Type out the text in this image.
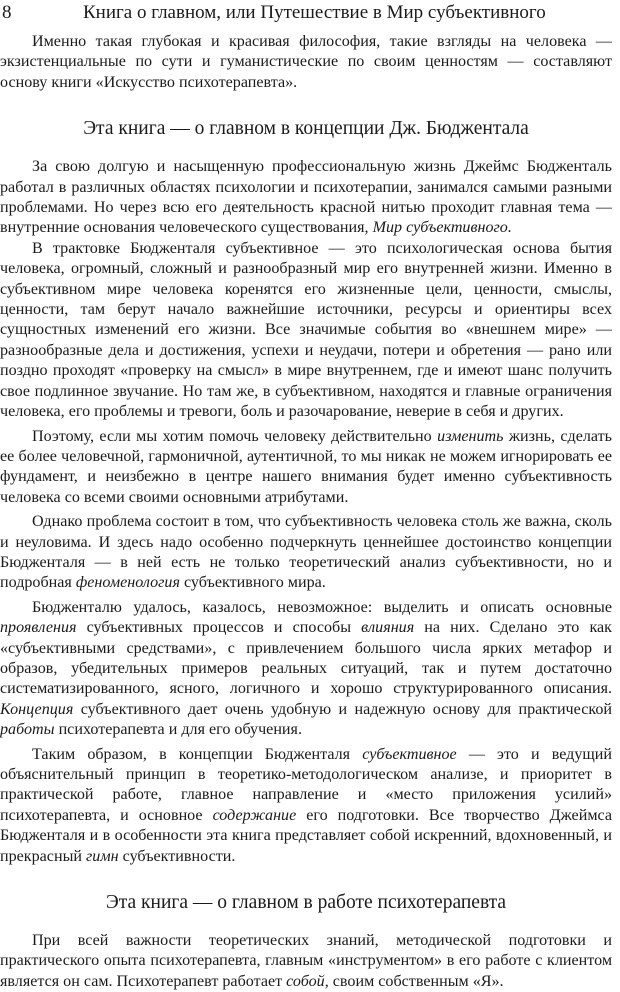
8	Книга о главном, или Путешествие в Мир субъективного

Именно такая глубокая и красивая философия, такие взгляды на человека — экзистенциальные по сути и гуманистические по своим ценностям — составляют основу книги «Искусство психотерапевта».

Эта книга — о главном в концепции Дж. Бюдженталa

За свою долгую и насыщенную профессиональную жизнь Джеймс Бюдженталь работал в различных областях психологии и психотерапии, занимался самыми разными проблемами. Но через всю его деятельность красной нитью проходит главная тема — внутренние основания человеческого существования, Мир субъективного.

В трактовке Бюдженталя субъективное — это психологическая основа бытия человека, огромный, сложный и разнообразный мир его внутренней жизни. Именно в субъективном мире человека коренятся его жизненные цели, ценности, смыслы, ценности, там берут начало важнейшие источники, ресурсы и ориентиры всех сущностных изменений его жизни. Все значимые события во «внешнем мире» — разнообразные дела и достижения, успехи и неудачи, потери и обретения — рано или поздно проходят «проверку на смысл» в мире внутреннем, где и имеют шанс получить свое подлинное звучание. Но там же, в субъективном, находятся и главные ограничения человека, его проблемы и тревоги, боль и разочарование, неверие в себя и других.

Поэтому, если мы хотим помочь человеку действительно изменить жизнь, сделать ее более человечной, гармоничной, аутентичной, то мы никак не можем игнорировать ее фундамент, и неизбежно в центре нашего внимания будет именно субъективность человека со всеми своими основными атрибутами.

Однако проблема состоит в том, что субъективность человека столь же важна, сколь и неуловима. И здесь надо особенно подчеркнуть ценнейшее достоинство концепции Бюдженталя — в ней есть не только теоретический анализ субъективности, но и подробная феноменология субъективного мира.

Бюдженталю удалось, казалось, невозможное: выделить и описать основные проявления субъективных процессов и способы влияния на них. Сделано это как «субъективными средствами», с привлечением большого числа ярких метафор и образов, убедительных примеров реальных ситуаций, так и путем достаточно систематизированного, ясного, логичного и хорошо структурированного описания. Концепция субъективного дает очень удобную и надежную основу для практической работы психотерапевта и для его обучения.

Таким образом, в концепции Бюдженталя субъективное — это и ведущий объяснительный принцип в теоретико-методологическом анализе, и приоритет в практической работе, главное направление и «место приложения усилий» психотерапевта, и основное содержание его подготовки. Все творчество Джеймса Бюдженталя и в особенности эта книга представляет собой искренний, вдохновенный, и прекрасный гимн субъективности.

Эта книга — о главном в работе психотерапевта

При всей важности теоретических знаний, методической подготовки и практического опыта психотерапевта, главным «инструментом» в его работе с клиентом является он сам. Психотерапевт работает собой, своим собственным «Я».
